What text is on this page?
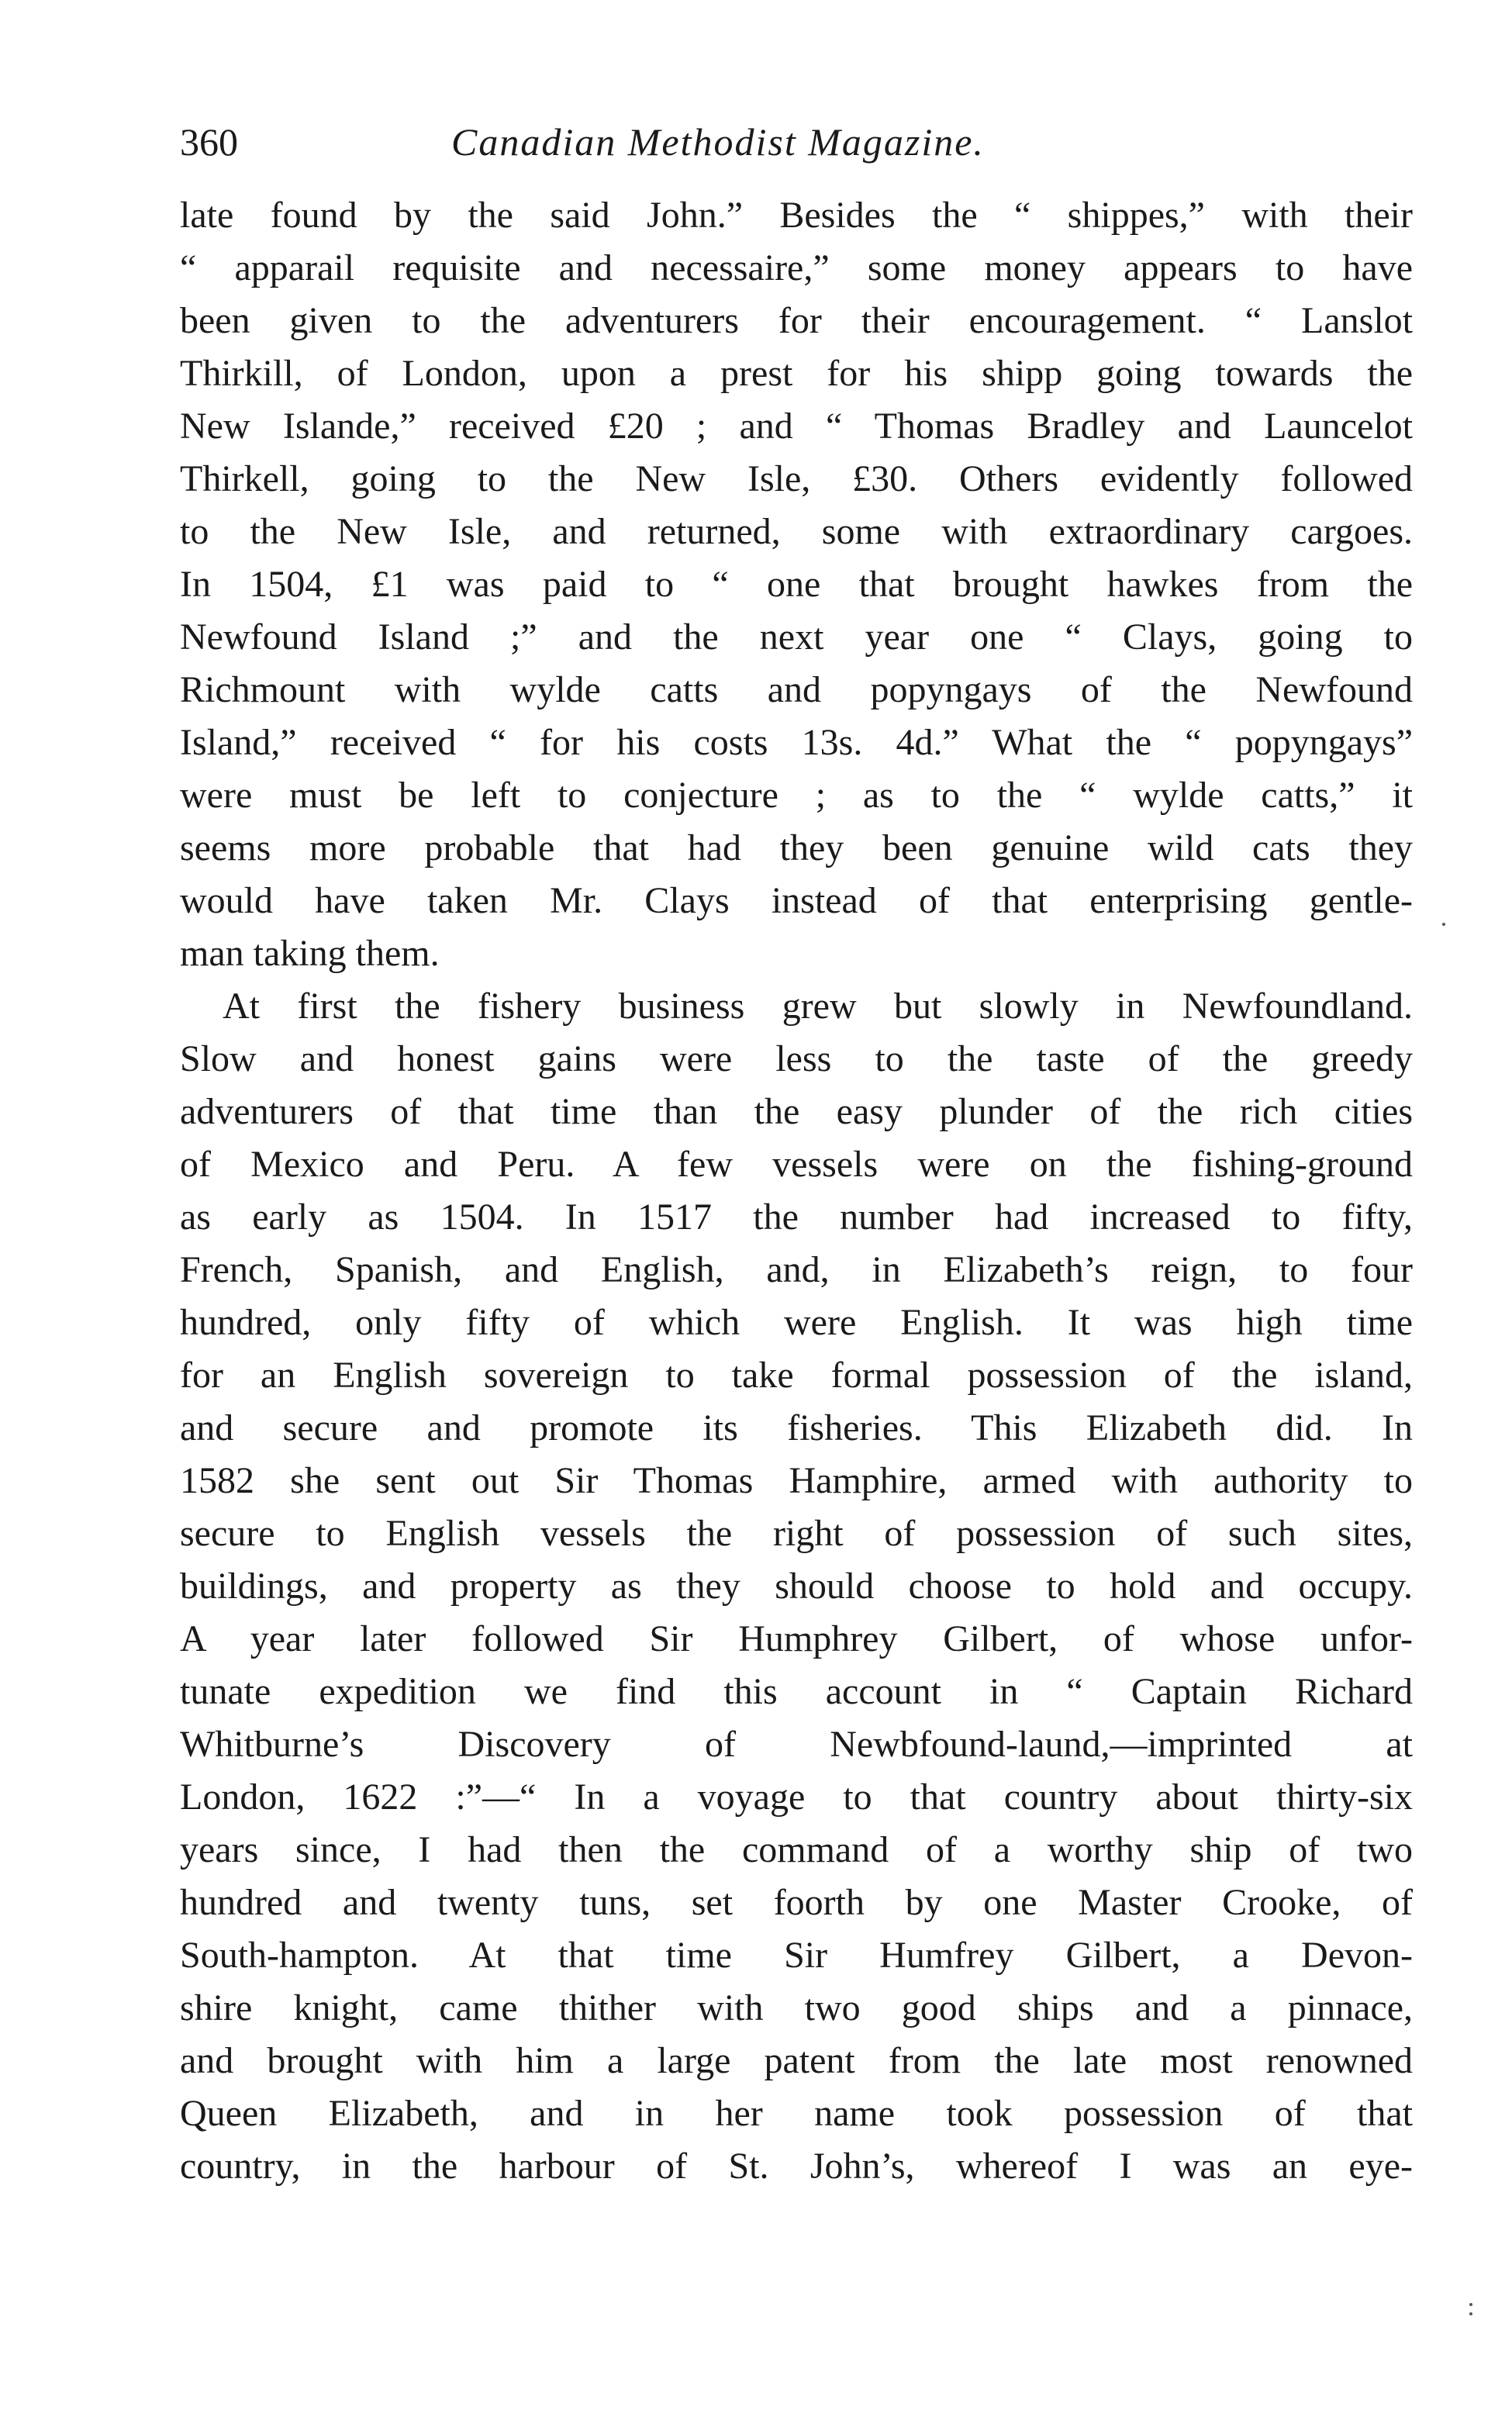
360	Canadian Methodist Magazine.
late found by the said John.” Besides the “ shippes,” with their
“ apparail requisite and necessaire,” some money appears to have
been given to the adventurers for their encouragement. “ Lanslot
Thirkill, of London, upon a prest for his shipp going towards the
New Islande,” received £20 ; and “ Thomas Bradley and Launcelot
Thirkell, going to the New Isle, £30. Others evidently followed
to the New Isle, and returned, some with extraordinary cargoes.
In 1504, £1 was paid to “ one that brought hawkes from the
Newfound Island ;” and the next year one “ Clays, going to
Richmount with wylde catts and popyngays of the Newfound
Island,” received “ for his costs 13s. 4d.” What the “ popyngays”
were must be left to conjecture ; as to the “ wylde catts,” it
seems more probable that had they been genuine wild cats they
would have taken Mr. Clays instead of that enterprising gentle-
man taking them.
At first the fishery business grew but slowly in Newfoundland.
Slow and honest gains were less to the taste of the greedy
adventurers of that time than the easy plunder of the rich cities
of Mexico and Peru. A few vessels were on the fishing-ground
as early as 1504. In 1517 the number had increased to fifty,
French, Spanish, and English, and, in Elizabeth’s reign, to four
hundred, only fifty of which were English. It was high time
for an English sovereign to take formal possession of the island,
and secure and promote its fisheries. This Elizabeth did. In
1582 she sent out Sir Thomas Hamphire, armed with authority to
secure to English vessels the right of possession of such sites,
buildings, and property as they should choose to hold and occupy.
A year later followed Sir Humphrey Gilbert, of whose unfor-
tunate expedition we find this account in “ Captain Richard
Whitburne’s Discovery of Newbfound-laund,—imprinted at
London, 1622 :”—“ In a voyage to that country about thirty-six
years since, I had then the command of a worthy ship of two
hundred and twenty tuns, set foorth by one Master Crooke, of
South-hampton. At that time Sir Humfrey Gilbert, a Devon-
shire knight, came thither with two good ships and a pinnace,
and brought with him a large patent from the late most renowned
Queen Elizabeth, and in her name took possession of that
country, in the harbour of St. John’s, whereof I was an eye-
